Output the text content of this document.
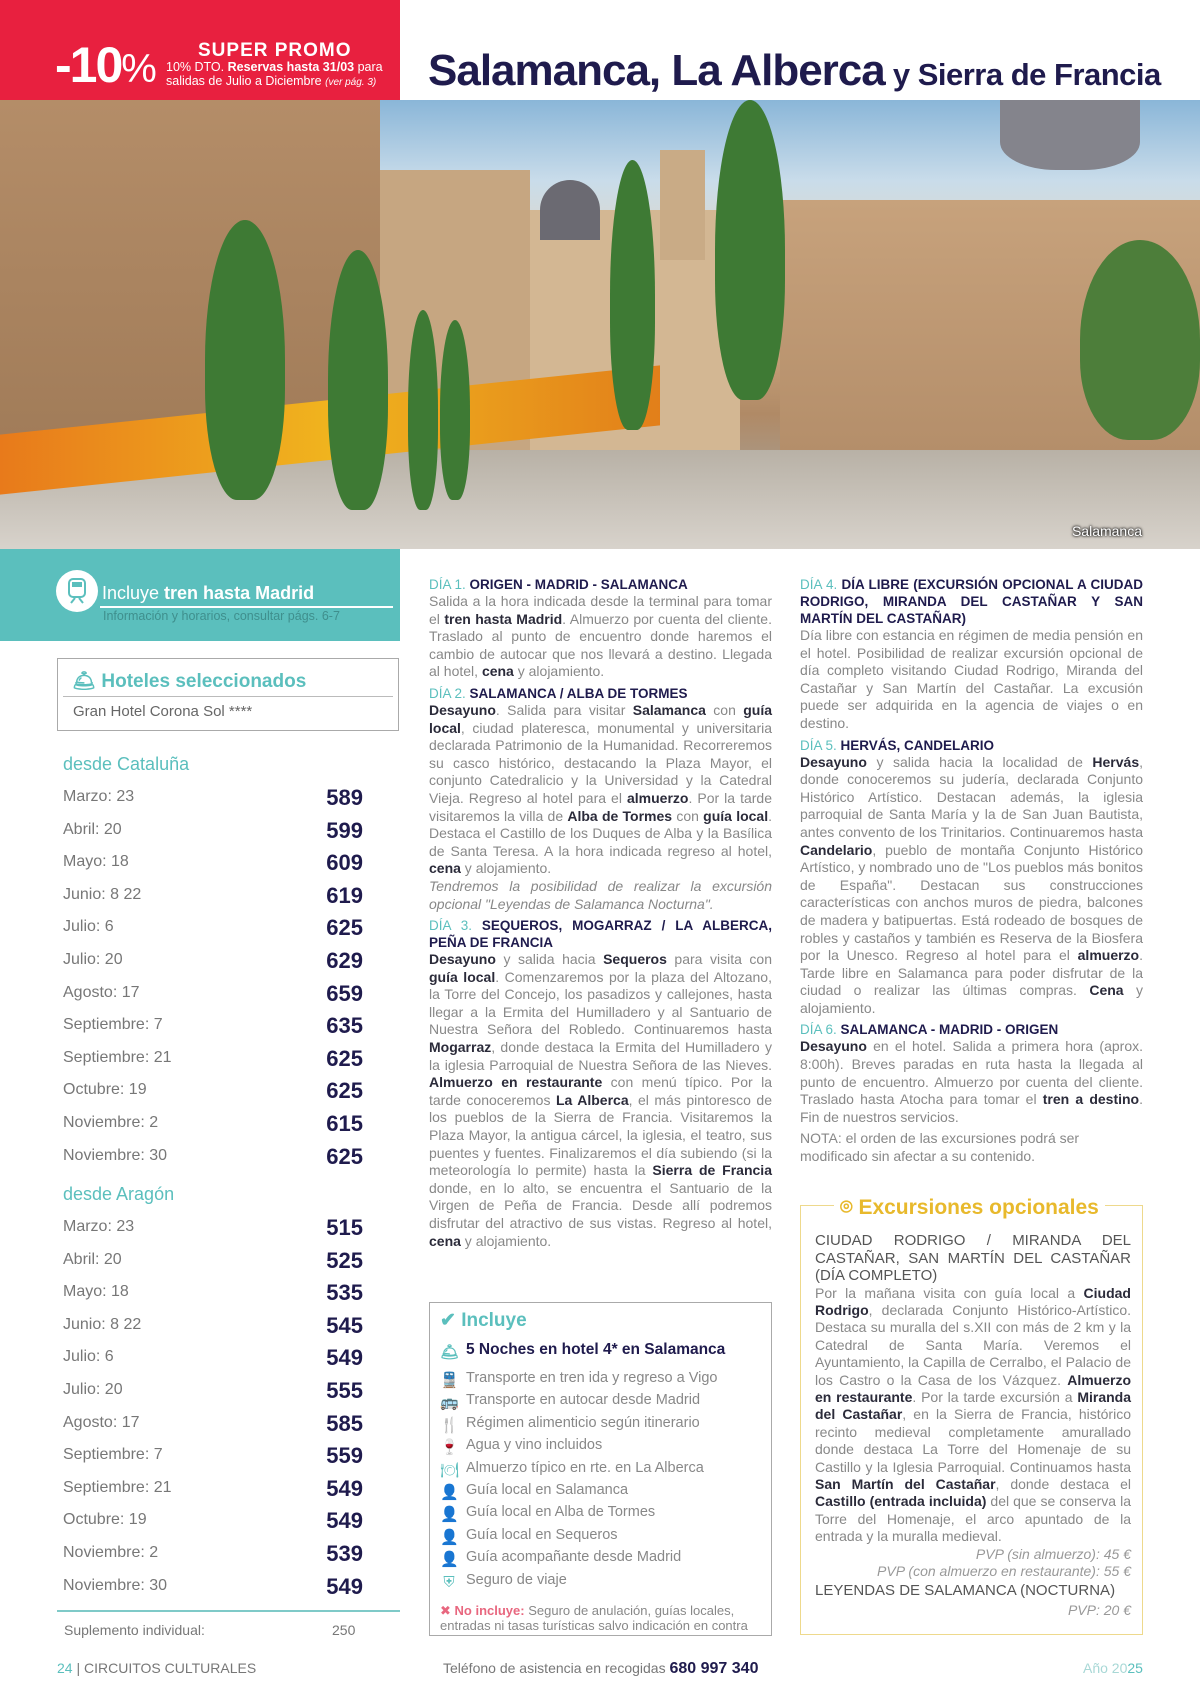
-10% SUPER PROMO
10% DTO. Reservas hasta 31/03 para
salidas de Julio a Diciembre (ver pág. 3) Salamanca, La Alberca y Sierra de Francia
Salamanca
Incluye tren hasta Madrid
Información y horarios, consultar págs. 6-7
🛎 Hoteles seleccionados
Gran Hotel Corona Sol ****
desde Cataluña
Marzo: 23	589
Abril: 20	599
Mayo: 18	609
Junio: 8 22	619
Julio: 6	625
Julio: 20	629
Agosto: 17	659
Septiembre: 7	635
Septiembre: 21	625
Octubre: 19	625
Noviembre: 2	615
Noviembre: 30	625
desde Aragón
Marzo: 23	515
Abril: 20	525
Mayo: 18	535
Junio: 8 22	545
Julio: 6	549
Julio: 20	555
Agosto: 17	585
Septiembre: 7	559
Septiembre: 21	549
Octubre: 19	549
Noviembre: 2	539
Noviembre: 30	549
Suplemento individual:	250
DÍA 1. ORIGEN - MADRID - SALAMANCA

Salida a la hora indicada desde la terminal para tomar el tren hasta Madrid. Almuerzo por cuenta del cliente. Traslado al punto de encuentro donde haremos el cambio de autocar que nos llevará a destino. Llegada al hotel, cena y alojamiento.

DÍA 2. SALAMANCA / ALBA DE TORMES

Desayuno. Salida para visitar Salamanca con guía local, ciudad plateresca, monumental y universitaria declarada Patrimonio de la Humanidad. Recorreremos su casco histórico, destacando la Plaza Mayor, el conjunto Catedralicio y la Universidad y la Catedral Vieja. Regreso al hotel para el almuerzo. Por la tarde visitaremos la villa de Alba de Tormes con guía local. Destaca el Castillo de los Duques de Alba y la Basílica de Santa Teresa. A la hora indicada regreso al hotel, cena y alojamiento.
Tendremos la posibilidad de realizar la excursión opcional "Leyendas de Salamanca Nocturna".

DÍA 3. SEQUEROS, MOGARRAZ / LA ALBERCA, PEÑA DE FRANCIA

Desayuno y salida hacia Sequeros para visita con guía local. Comenzaremos por la plaza del Altozano, la Torre del Concejo, los pasadizos y callejones, hasta llegar a la Ermita del Humilladero y al Santuario de Nuestra Señora del Robledo. Continuaremos hasta Mogarraz, donde destaca la Ermita del Humilladero y la iglesia Parroquial de Nuestra Señora de las Nieves. Almuerzo en restaurante con menú típico. Por la tarde conoceremos La Alberca, el más pintoresco de los pueblos de la Sierra de Francia. Visitaremos la Plaza Mayor, la antigua cárcel, la iglesia, el teatro, sus puentes y fuentes. Finalizaremos el día subiendo (si la meteorología lo permite) hasta la Sierra de Francia donde, en lo alto, se encuentra el Santuario de la Virgen de Peña de Francia. Desde allí podremos disfrutar del atractivo de sus vistas. Regreso al hotel, cena y alojamiento.

✔ Incluye
🛎 5 Noches en hotel 4* en Salamanca
🚆 Transporte en tren ida y regreso a Vigo
🚌 Transporte en autocar desde Madrid
🍴 Régimen alimenticio según itinerario
🍷 Agua y vino incluidos
🍽 Almuerzo típico en rte. en La Alberca
👤 Guía local en Salamanca
👤 Guía local en Alba de Tormes
👤 Guía local en Sequeros
👤 Guía acompañante desde Madrid
⛨ Seguro de viaje
✖ No incluye: Seguro de anulación, guías locales, entradas ni tasas turísticas salvo indicación en contra
DÍA 4. DÍA LIBRE (EXCURSIÓN OPCIONAL A CIUDAD RODRIGO, MIRANDA DEL CASTAÑAR Y SAN MARTÍN DEL CASTAÑAR)

Día libre con estancia en régimen de media pensión en el hotel. Posibilidad de realizar excursión opcional de día completo visitando Ciudad Rodrigo, Miranda del Castañar y San Martín del Castañar. La excusión puede ser adquirida en la agencia de viajes o en destino.

DÍA 5. HERVÁS, CANDELARIO

Desayuno y salida hacia la localidad de Hervás, donde conoceremos su judería, declarada Conjunto Histórico Artístico. Destacan además, la iglesia parroquial de Santa María y la de San Juan Bautista, antes convento de los Trinitarios. Continuaremos hasta Candelario, pueblo de montaña Conjunto Histórico Artístico, y nombrado uno de "Los pueblos más bonitos de España". Destacan sus construcciones características con anchos muros de piedra, balcones de madera y batipuertas. Está rodeado de bosques de robles y castaños y también es Reserva de la Biosfera por la Unesco. Regreso al hotel para el almuerzo. Tarde libre en Salamanca para poder disfrutar de la ciudad o realizar las últimas compras. Cena y alojamiento.

DÍA 6. SALAMANCA - MADRID - ORIGEN

Desayuno en el hotel. Salida a primera hora (aprox. 8:00h). Breves paradas en ruta hasta la llegada al punto de encuentro. Almuerzo por cuenta del cliente. Traslado hasta Atocha para tomar el tren a destino. Fin de nuestros servicios.

NOTA: el orden de las excursiones podrá ser modificado sin afectar a su contenido.

⌾ Excursiones opcionales
CIUDAD RODRIGO / MIRANDA DEL CASTAÑAR, SAN MARTÍN DEL CASTAÑAR (DÍA COMPLETO)

Por la mañana visita con guía local a Ciudad Rodrigo, declarada Conjunto Histórico-Artístico. Destaca su muralla del s.XII con más de 2 km y la Catedral de Santa María. Veremos el Ayuntamiento, la Capilla de Cerralbo, el Palacio de los Castro o la Casa de los Vázquez. Almuerzo en restaurante. Por la tarde excursión a Miranda del Castañar, en la Sierra de Francia, histórico recinto medieval completamente amurallado donde destaca La Torre del Homenaje de su Castillo y la Iglesia Parroquial. Continuamos hasta San Martín del Castañar, donde destaca el Castillo (entrada incluida) del que se conserva la Torre del Homenaje, el arco apuntado de la entrada y la muralla medieval.

PVP (sin almuerzo): 45 €
PVP (con almuerzo en restaurante): 55 €
LEYENDAS DE SALAMANCA (NOCTURNA)
PVP: 20 €
24 | CIRCUITOS CULTURALES	Teléfono de asistencia en recogidas 680 997 340	Año 2025
